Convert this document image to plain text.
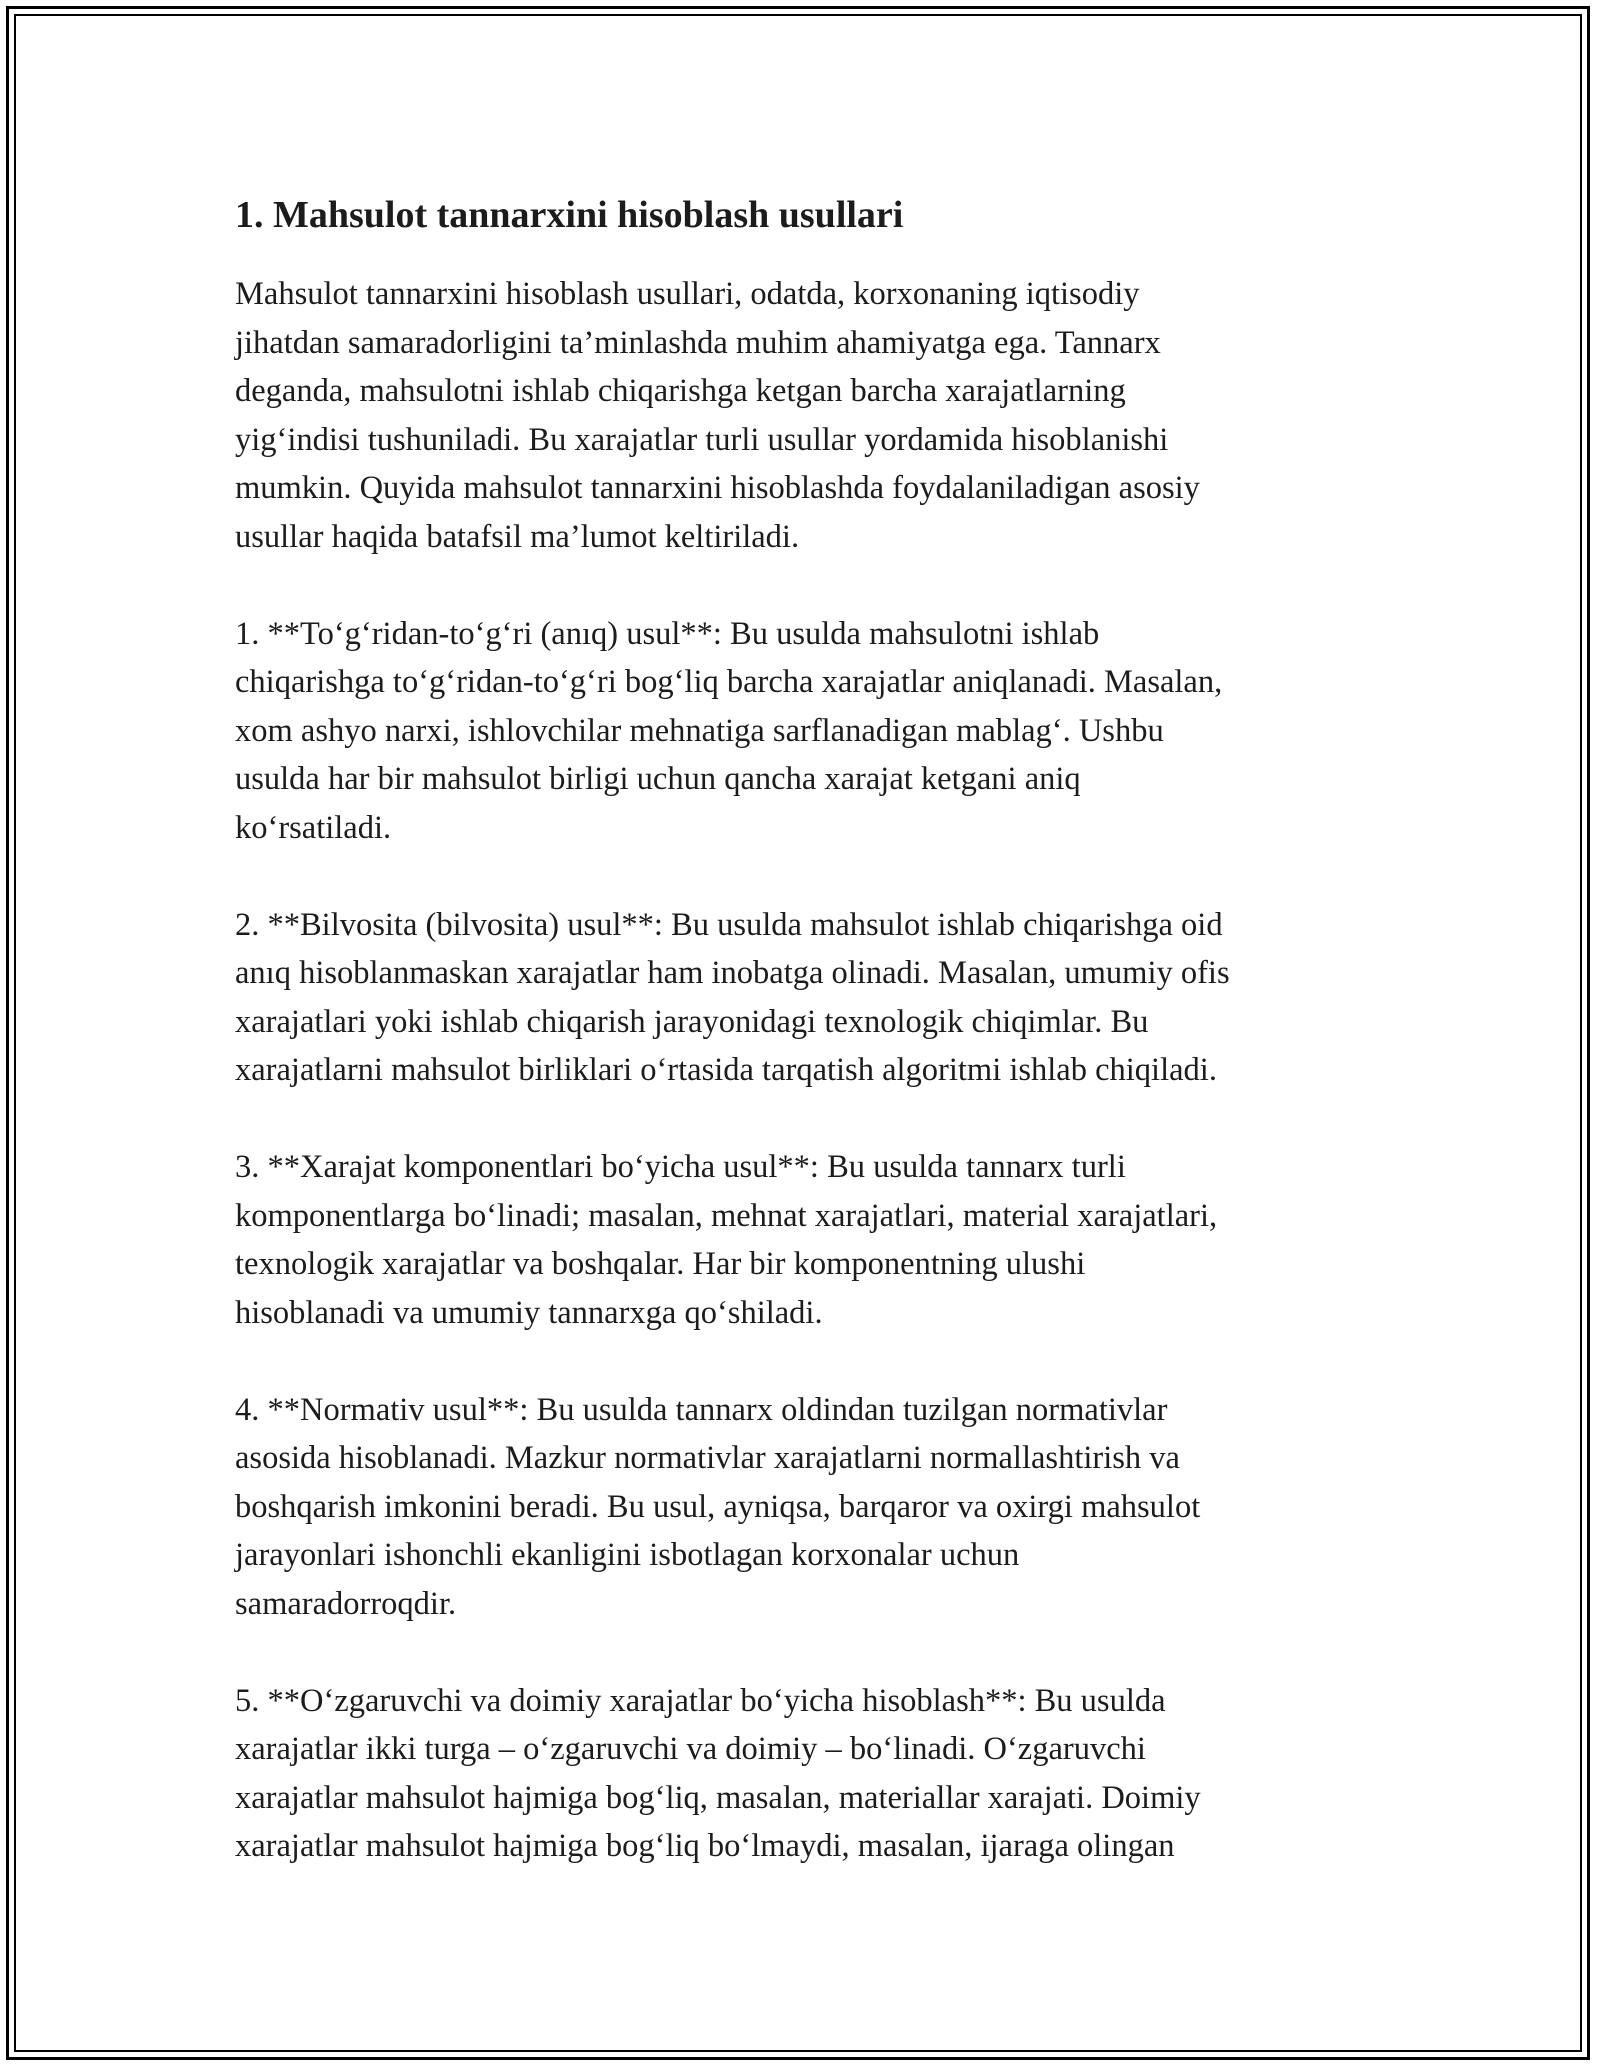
1. Mahsulot tannarxini hisoblash usullari

Mahsulot tannarxini hisoblash usullari, odatda, korxonaning iqtisodiy
jihatdan samaradorligini ta’minlashda muhim ahamiyatga ega. Tannarx
deganda, mahsulotni ishlab chiqarishga ketgan barcha xarajatlarning
yig‘indisi tushuniladi. Bu xarajatlar turli usullar yordamida hisoblanishi
mumkin. Quyida mahsulot tannarxini hisoblashda foydalaniladigan asosiy
usullar haqida batafsil ma’lumot keltiriladi.

1. **To‘g‘ridan-to‘g‘ri (anıq) usul**: Bu usulda mahsulotni ishlab
chiqarishga to‘g‘ridan-to‘g‘ri bog‘liq barcha xarajatlar aniqlanadi. Masalan,
xom ashyo narxi, ishlovchilar mehnatiga sarflanadigan mablag‘. Ushbu
usulda har bir mahsulot birligi uchun qancha xarajat ketgani aniq
ko‘rsatiladi.

2. **Bilvosita (bilvosita) usul**: Bu usulda mahsulot ishlab chiqarishga oid
anıq hisoblanmaskan xarajatlar ham inobatga olinadi. Masalan, umumiy ofis
xarajatlari yoki ishlab chiqarish jarayonidagi texnologik chiqimlar. Bu
xarajatlarni mahsulot birliklari o‘rtasida tarqatish algoritmi ishlab chiqiladi.

3. **Xarajat komponentlari bo‘yicha usul**: Bu usulda tannarx turli
komponentlarga bo‘linadi; masalan, mehnat xarajatlari, material xarajatlari,
texnologik xarajatlar va boshqalar. Har bir komponentning ulushi
hisoblanadi va umumiy tannarxga qo‘shiladi.

4. **Normativ usul**: Bu usulda tannarx oldindan tuzilgan normativlar
asosida hisoblanadi. Mazkur normativlar xarajatlarni normallashtirish va
boshqarish imkonini beradi. Bu usul, ayniqsa, barqaror va oxirgi mahsulot
jarayonlari ishonchli ekanligini isbotlagan korxonalar uchun
samaradorroqdir.

5. **O‘zgaruvchi va doimiy xarajatlar bo‘yicha hisoblash**: Bu usulda
xarajatlar ikki turga – o‘zgaruvchi va doimiy – bo‘linadi. O‘zgaruvchi
xarajatlar mahsulot hajmiga bog‘liq, masalan, materiallar xarajati. Doimiy
xarajatlar mahsulot hajmiga bog‘liq bo‘lmaydi, masalan, ijaraga olingan
